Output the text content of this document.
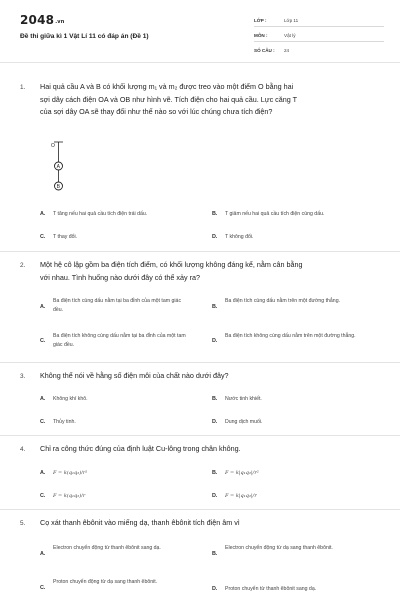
$2048^{.vn}$
Đề thi giữa kì 1 Vật Lí 11 có đáp án (Đề 1)
LỚP :	Lớp 11
MÔN :	Vật lý
SỐ CÂU :	24
1. Hai quả cầu A và B có khối lượng m₁ và m₂ được treo vào một điểm O bằng hai
sợi dây cách điện OA và OB như hình vẽ. Tích điện cho hai quả cầu. Lực căng T
của sợi dây OA sẽ thay đổi như thế nào so với lúc chúng chưa tích điện?
O
A
B
A. T tăng nếu hai quả cầu tích điện trái dấu.	B. T giảm nếu hai quả cầu tích điện cùng dấu.
C. T thay đổi.	D. T không đổi.
2. Một hệ cô lập gồm ba điện tích điểm, có khối lượng không đáng kể, nằm cân bằng
với nhau. Tình huống nào dưới đây có thể xảy ra?
A.
Ba điện tích cùng dấu nằm tại ba đỉnh của một tam giác đều.
B.
Ba điện tích cùng dấu nằm trên một đường thẳng.
C.
Ba điện tích không cùng dấu nằm tại ba đỉnh của một tam giác đều.
D.
Ba điện tích không cùng dấu nằm trên một đường thẳng.
3. Không thể nói về hằng số điện môi của chất nào dưới đây?
A. Không khí khô.	B. Nước tinh khiết.
C. Thủy tinh.	D. Dung dịch muối.
4. Chỉ ra công thức đúng của định luật Cu-lông trong chân không.
A. F = k(q₁q₂)/r²	B. F = k|q₁q₂|/r²
C. F = k(q₁q₂)/r	D. F = k|q₁q₂|/r
5. Cọ xát thanh êbônit vào miếng dạ, thanh êbônit tích điện âm vì
A.
Electron chuyển động từ thanh êbônit sang dạ.
B.
Electron chuyển động từ dạ sang thanh êbônit.
C.
Proton chuyển động từ dạ sang thanh êbônit.
D. Proton chuyển từ thanh êbônit sang dạ.
